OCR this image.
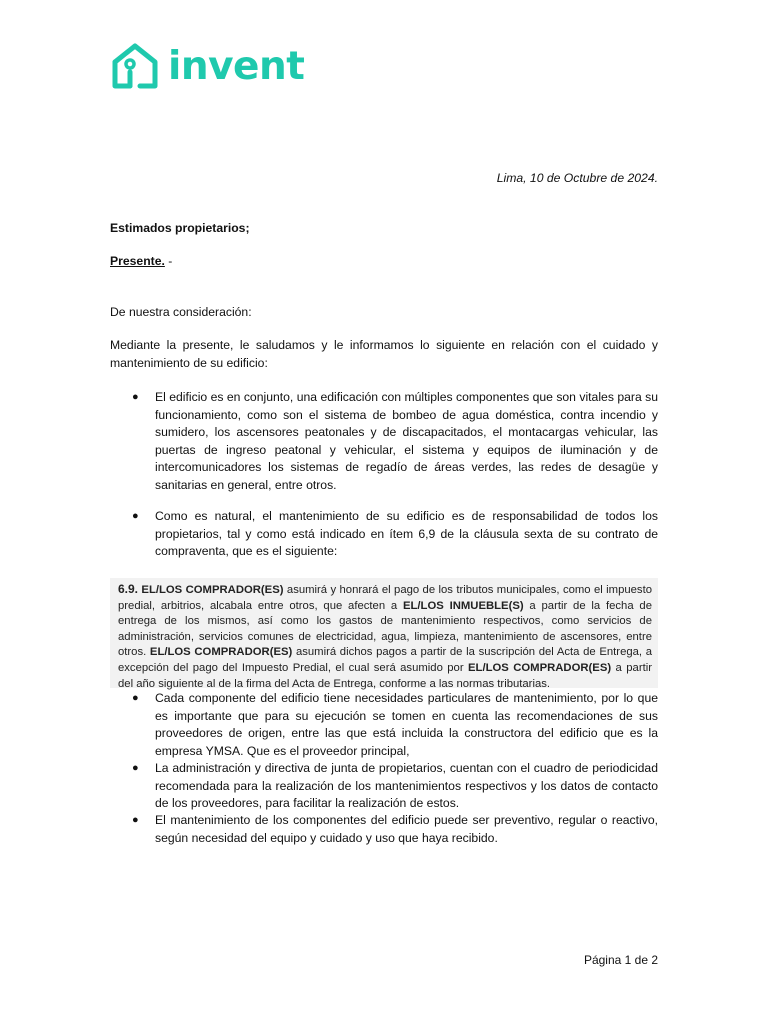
invent
Lima, 10 de Octubre de 2024.
Estimados propietarios;
Presente. -
De nuestra consideración:
Mediante la presente, le saludamos y le informamos lo siguiente en relación con el cuidado y mantenimiento de su edificio:
● El edificio es en conjunto, una edificación con múltiples componentes que son vitales para su funcionamiento, como son el sistema de bombeo de agua doméstica, contra incendio y sumidero, los ascensores peatonales y de discapacitados, el montacargas vehicular, las puertas de ingreso peatonal y vehicular, el sistema y equipos de iluminación y de intercomunicadores los sistemas de regadío de áreas verdes, las redes de desagüe y sanitarias en general, entre otros.
● Como es natural, el mantenimiento de su edificio es de responsabilidad de todos los propietarios, tal y como está indicado en ítem 6,9 de la cláusula sexta de su contrato de compraventa, que es el siguiente:
6.9. EL/LOS COMPRADOR(ES) asumirá y honrará el pago de los tributos municipales, como el impuesto predial, arbitrios, alcabala entre otros, que afecten a EL/LOS INMUEBLE(S) a partir de la fecha de entrega de los mismos, así como los gastos de mantenimiento respectivos, como servicios de administración, servicios comunes de electricidad, agua, limpieza, mantenimiento de ascensores, entre otros. EL/LOS COMPRADOR(ES) asumirá dichos pagos a partir de la suscripción del Acta de Entrega, a excepción del pago del Impuesto Predial, el cual será asumido por EL/LOS COMPRADOR(ES) a partir del año siguiente al de la firma del Acta de Entrega, conforme a las normas tributarias.
● Cada componente del edificio tiene necesidades particulares de mantenimiento, por lo que es importante que para su ejecución se tomen en cuenta las recomendaciones de sus proveedores de origen, entre las que está incluida la constructora del edificio que es la empresa YMSA. Que es el proveedor principal,
● La administración y directiva de junta de propietarios, cuentan con el cuadro de periodicidad recomendada para la realización de los mantenimientos respectivos y los datos de contacto de los proveedores, para facilitar la realización de estos.
● El mantenimiento de los componentes del edificio puede ser preventivo, regular o reactivo, según necesidad del equipo y cuidado y uso que haya recibido.
Página 1 de 2
